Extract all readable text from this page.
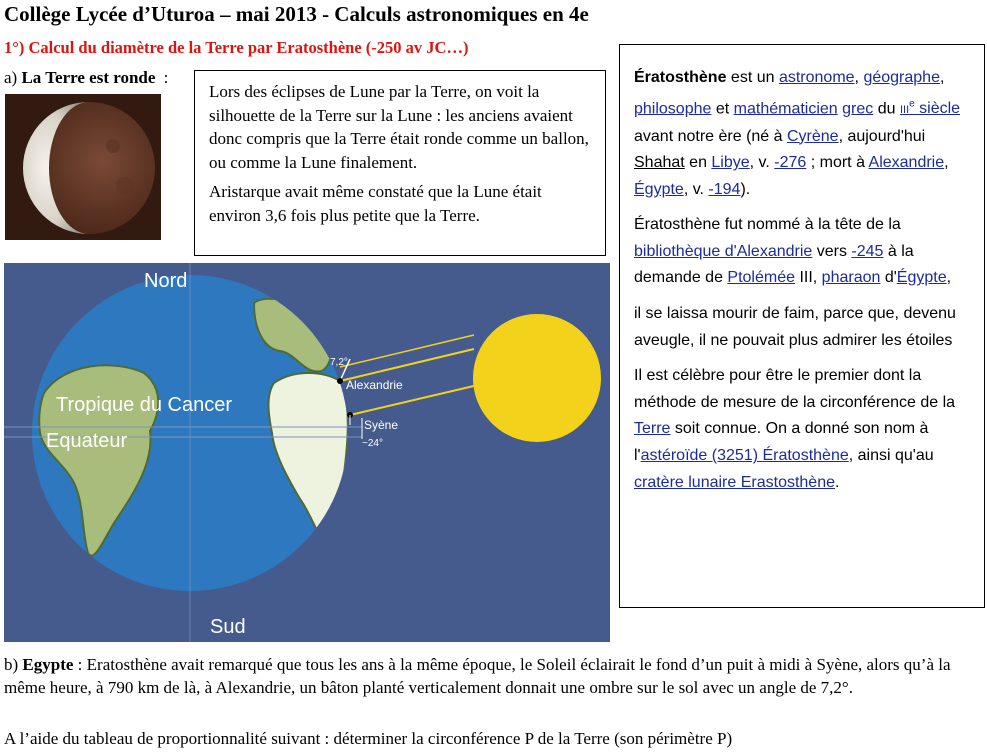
Collège Lycée d’Uturoa – mai 2013 - Calculs astronomiques en 4e
1°) Calcul du diamètre de la Terre par Eratosthène (-250 av JC…)
a) La Terre est ronde :

Lors des éclipses de Lune par la Terre, on voit la silhouette de la Terre sur la Lune : les anciens avaient donc compris que la Terre était ronde comme un ballon, ou comme la Lune finalement.

Aristarque avait même constaté que la Lune était environ 3,6 fois plus petite que la Terre.

Nord
Sud
Tropique du Cancer
Equateur
7,2°
Alexandrie
Syène
~24°

Ératosthène est un astronome, géographe, philosophe et mathématicien grec du IIIe siècle avant notre ère (né à Cyrène, aujourd'hui Shahat en Libye, v. -276 ; mort à Alexandrie, Égypte, v. -194).

Ératosthène fut nommé à la tête de la bibliothèque d'Alexandrie vers -245 à la demande de Ptolémée III, pharaon d'Égypte,

il se laissa mourir de faim, parce que, devenu aveugle, il ne pouvait plus admirer les étoiles

Il est célèbre pour être le premier dont la méthode de mesure de la circonférence de la Terre soit connue. On a donné son nom à l'astéroïde (3251) Ératosthène, ainsi qu'au cratère lunaire Erastosthène.

b) Egypte : Eratosthène avait remarqué que tous les ans à la même époque, le Soleil éclairait le fond d’un puit à midi à Syène, alors qu’à la même heure, à 790 km de là, à Alexandrie, un bâton planté verticalement donnait une ombre sur le sol avec un angle de 7,2°.
A l’aide du tableau de proportionnalité suivant : déterminer la circonférence P de la Terre (son périmètre P)
